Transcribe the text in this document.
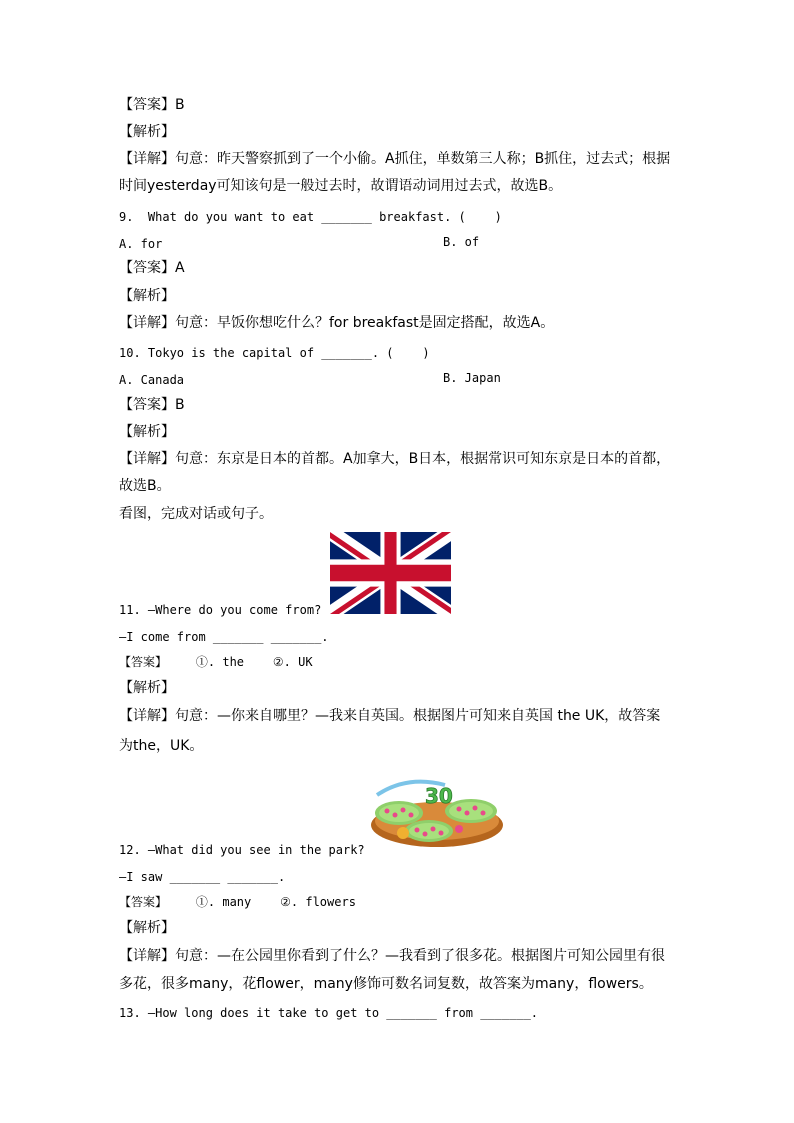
【答案】B
【解析】
【详解】句意：昨天警察抓到了一个小偷。A抓住，单数第三人称；B抓住，过去式；根据
时间yesterday可知该句是一般过去时，故谓语动词用过去式，故选B。
9.  What do you want to eat _______ breakfast. (    )
A. for	B. of
【答案】A
【解析】
【详解】句意：早饭你想吃什么？for breakfast是固定搭配，故选A。
10. Tokyo is the capital of _______. (    )
A. Canada	B. Japan
【答案】B
【解析】
【详解】句意：东京是日本的首都。A加拿大，B日本，根据常识可知东京是日本的首都，
故选B。
看图，完成对话或句子。
11. —Where do you come from?
—I come from _______ _______.
【答案】    ①. the    ②. UK
【解析】
【详解】句意：—你来自哪里？—我来自英国。根据图片可知来自英国 the UK，故答案
为the，UK。
30
12. —What did you see in the park?
—I saw _______ _______.
【答案】    ①. many    ②. flowers
【解析】
【详解】句意：—在公园里你看到了什么？—我看到了很多花。根据图片可知公园里有很
多花，很多many，花flower，many修饰可数名词复数，故答案为many，flowers。
13. —How long does it take to get to _______ from _______.
